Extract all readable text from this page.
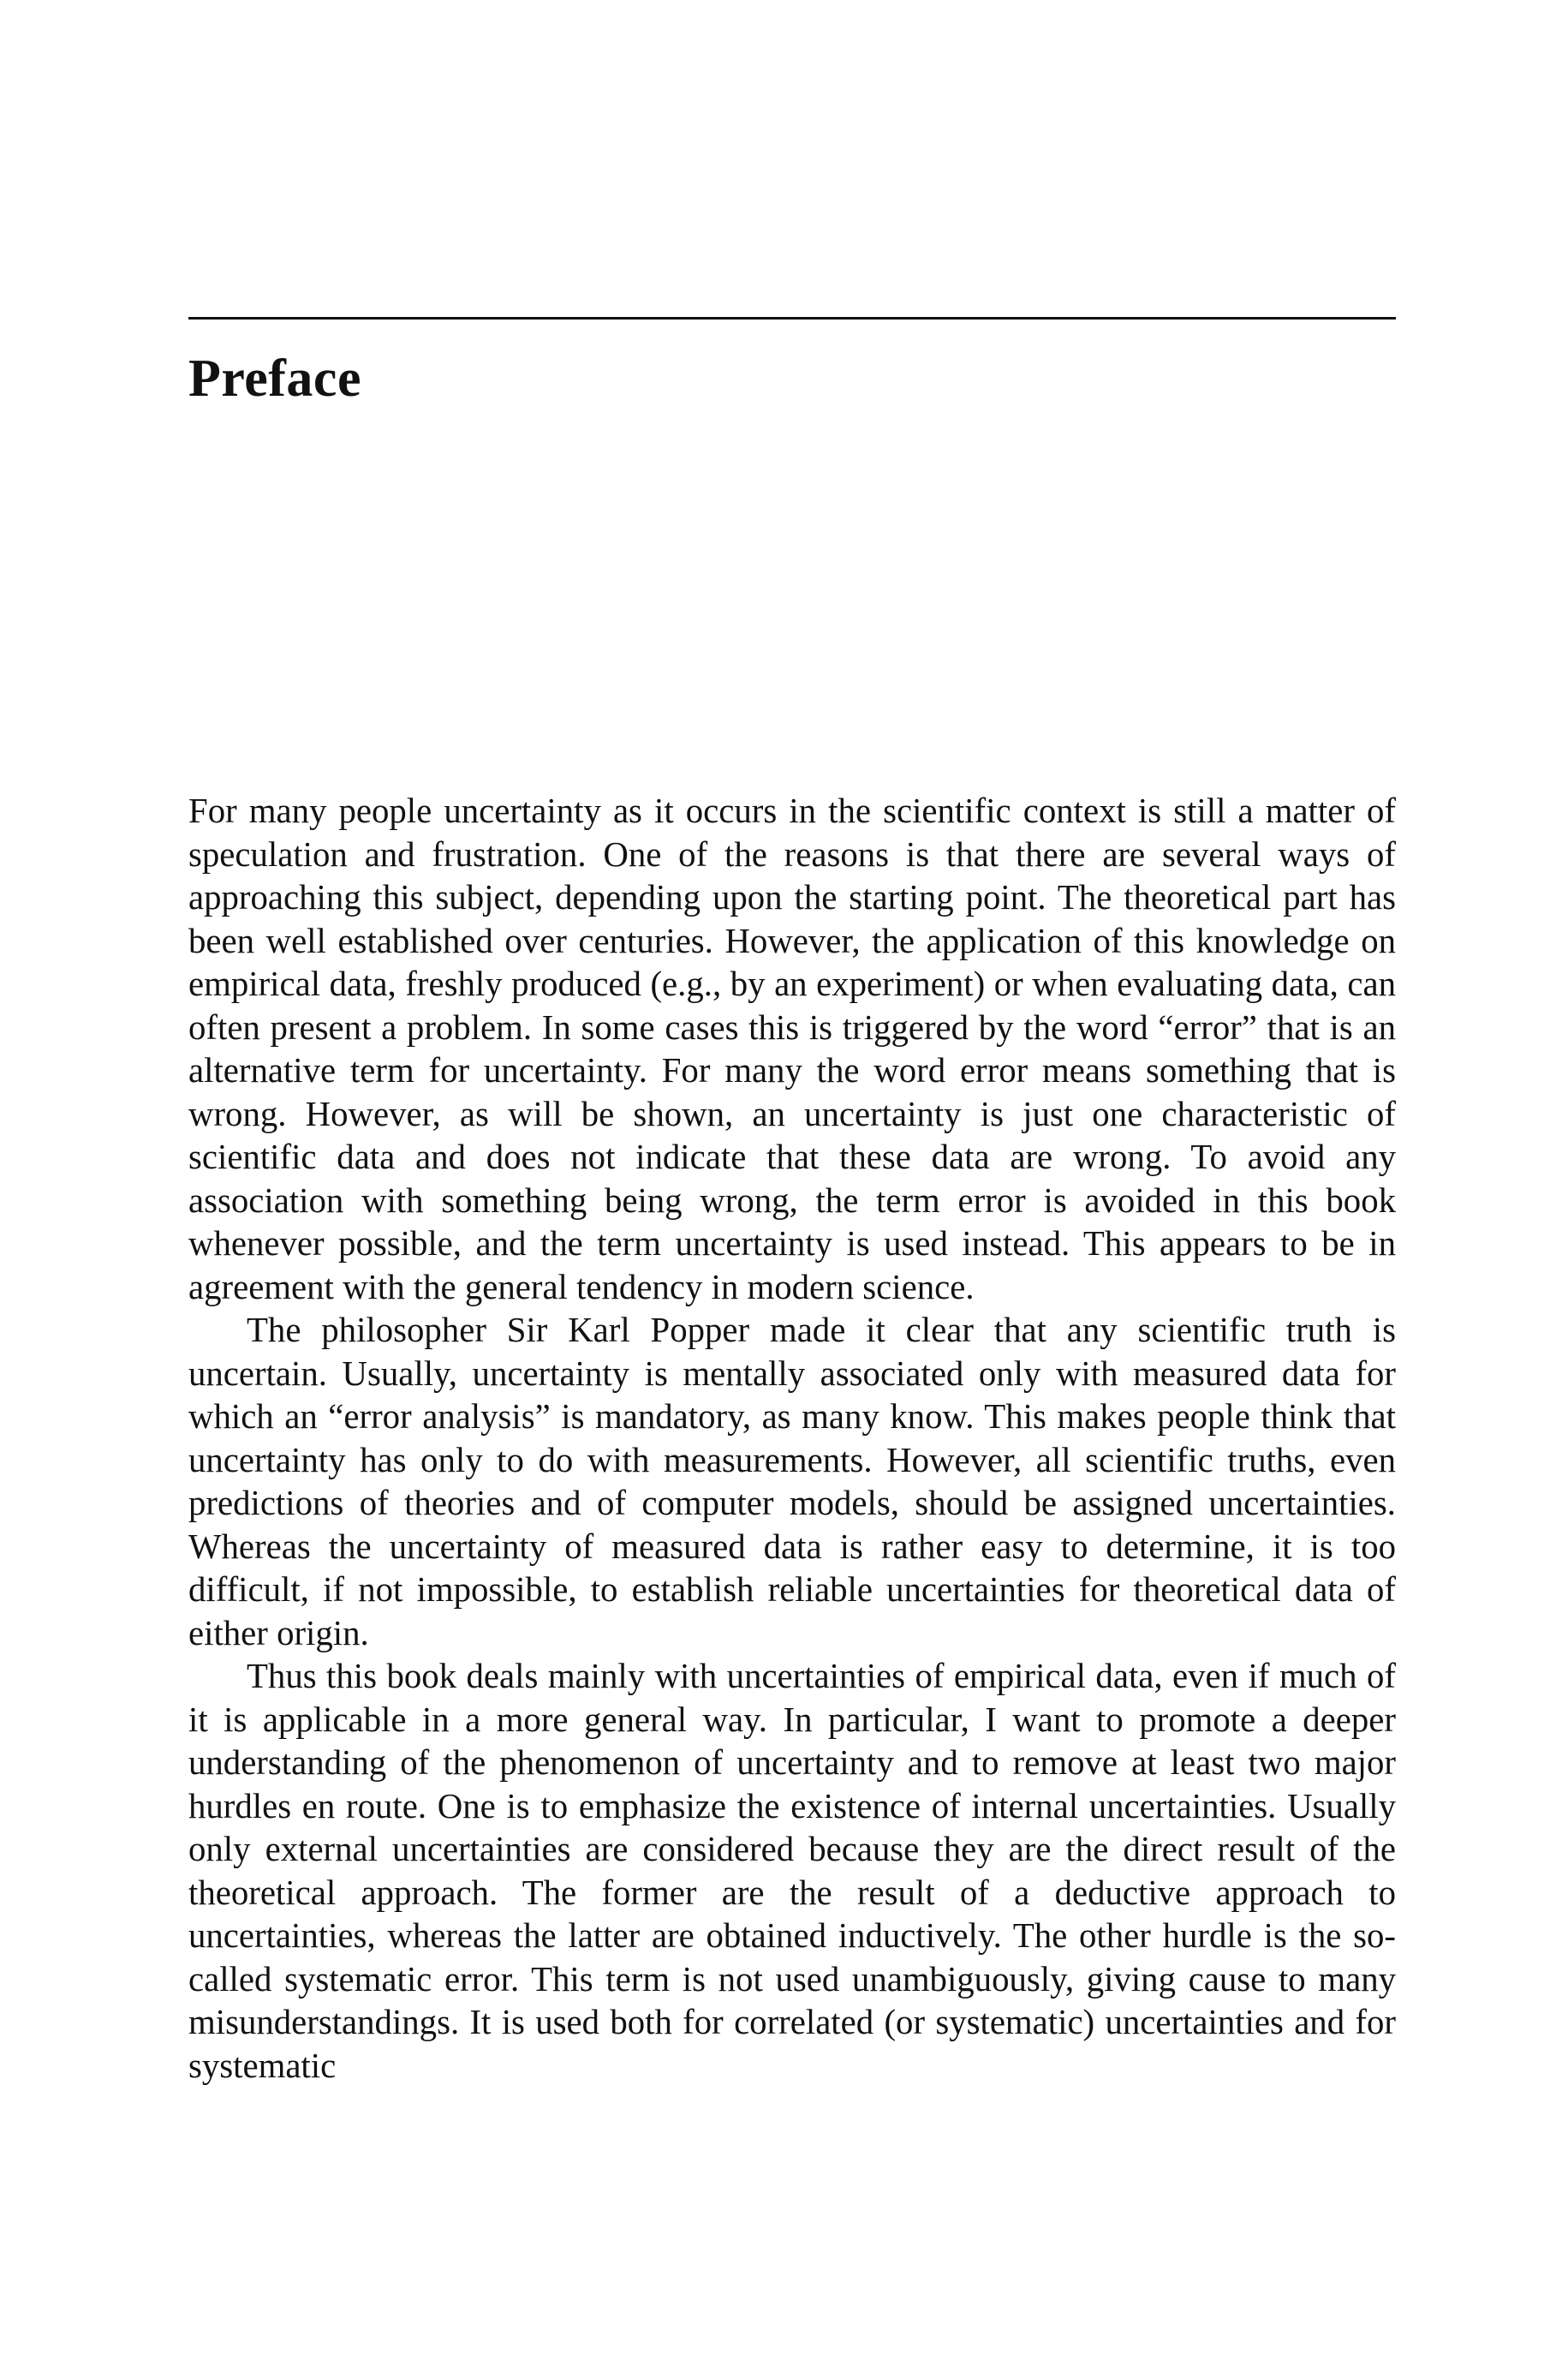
Preface

For many people uncertainty as it occurs in the scientific context is still a matter of speculation and frustration. One of the reasons is that there are several ways of approaching this subject, depending upon the starting point. The theoretical part has been well established over centuries. However, the application of this knowledge on empirical data, freshly produced (e.g., by an experiment) or when evaluating data, can often present a problem. In some cases this is triggered by the word “error” that is an alternative term for uncertainty. For many the word error means something that is wrong. However, as will be shown, an uncertainty is just one characteristic of scientific data and does not indicate that these data are wrong. To avoid any association with something being wrong, the term error is avoided in this book whenever possible, and the term uncertainty is used instead. This appears to be in agreement with the general tendency in modern science.

The philosopher Sir Karl Popper made it clear that any scientific truth is uncertain. Usually, uncertainty is mentally associated only with measured data for which an “error analysis” is mandatory, as many know. This makes people think that uncertainty has only to do with measurements. However, all scientific truths, even predictions of theories and of computer models, should be assigned uncertainties. Whereas the uncertainty of measured data is rather easy to determine, it is too difficult, if not impossible, to establish reliable uncertainties for theoretical data of either origin.

Thus this book deals mainly with uncertainties of empirical data, even if much of it is applicable in a more general way. In particular, I want to promote a deeper understanding of the phenomenon of uncertainty and to remove at least two major hurdles en route. One is to emphasize the existence of internal uncertainties. Usually only external uncertainties are considered because they are the direct result of the theoretical approach. The former are the result of a deductive approach to uncertainties, whereas the latter are obtained inductively. The other hurdle is the so-called systematic error. This term is not used unambiguously, giving cause to many misunderstandings. It is used both for correlated (or systematic) uncertainties and for systematic
